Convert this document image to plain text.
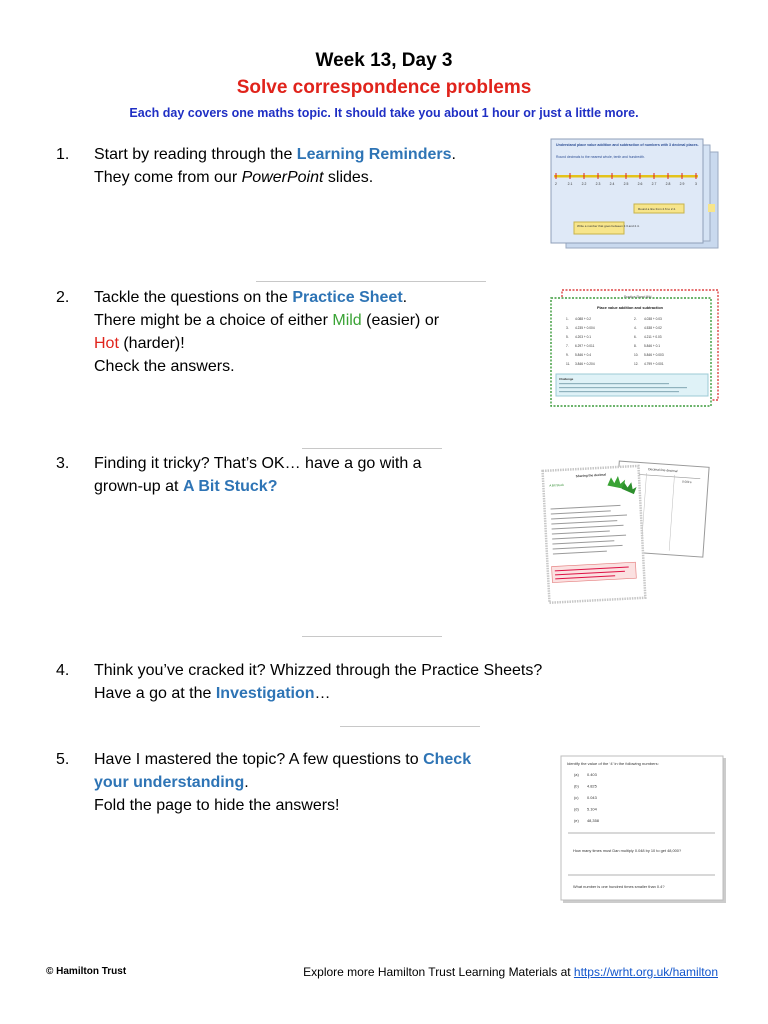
Week 13, Day 3
Solve correspondence problems
Each day covers one maths topic. It should take you about 1 hour or just a little more.
1. Start by reading through the Learning Reminders.
They come from our PowerPoint slides.
Understand place value addition and subtraction of numbers with 3 decimal places.
Round decimals to the nearest whole, tenth and hundredth.
2	2.1	2.2	2.3	2.4	2.5	2.6	2.7	2.8	2.9	3
Round a line from 2.6 to 2.4.
Write a number that goes between 2.3 and 2.4.
2. Tackle the questions on the Practice Sheet.
There might be a choice of either Mild (easier) or
Hot (harder)!
Check the answers.
Practice Sheet Mild
Place value addition and subtraction
1. 4.088 + 0.2	2. 4.038 + 0.03
3. 4.235 + 0.004	4. 4.538 + 0.02
5. 4.203 + 0.1	6. 4.211 + 0.03
7. 6.297 + 0.011	8. 5.846 + 0.1
9. 5.846 + 0.4	10. 5.846 + 0.003
11. 3.846 + 0.204	12. 4.799 + 0.001
Challenge
3. Finding it tricky? That’s OK… have a go with a
grown-up at A Bit Stuck?
Decimal line decimal
0.001's
Sharing the decimal
A Bit Stuck
4. Think you’ve cracked it? Whizzed through the Practice Sheets?
Have a go at the Investigation…
5. Have I mastered the topic? A few questions to Check
your understanding.
Fold the page to hide the answers!
Identify the value of the ‘4’ in the following numbers:
(a) 0.403
(b) 4.825
(c) 0.043
(d) 5.104
(e) 48,358
How many times must Dan multiply 0.048 by 10 to get 48,000?
What number is one hundred times smaller than 0.4?
© Hamilton Trust	Explore more Hamilton Trust Learning Materials at https://wrht.org.uk/hamilton
